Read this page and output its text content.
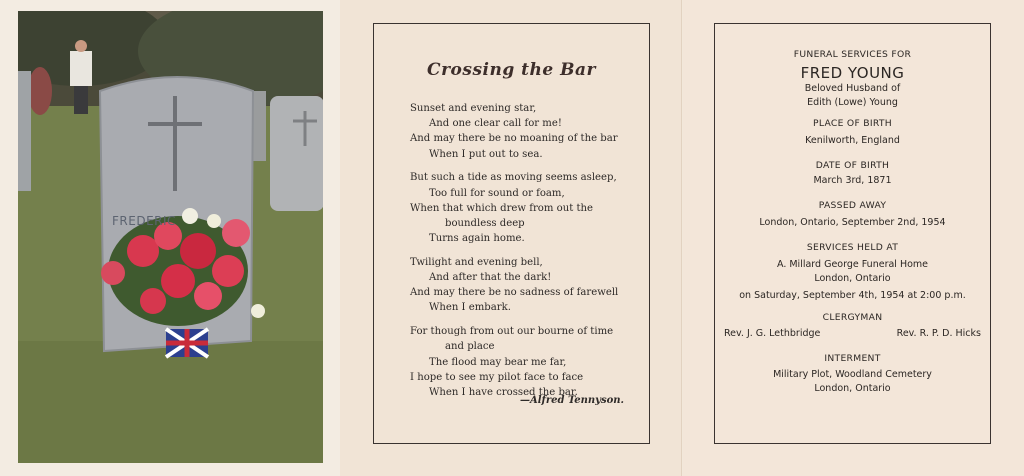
FREDERIC
Crossing the Bar
Sunset and evening star,
And one clear call for me!
And may there be no moaning of the bar
When I put out to sea.
But such a tide as moving seems asleep,
Too full for sound or foam,
When that which drew from out the
boundless deep
Turns again home.
Twilight and evening bell,
And after that the dark!
And may there be no sadness of farewell
When I embark.
For though from out our bourne of time
and place
The flood may bear me far,
I hope to see my pilot face to face
When I have crossed the bar.
—Alfred Tennyson.
FUNERAL SERVICES FOR
FRED YOUNG
Beloved Husband of
Edith (Lowe) Young
PLACE OF BIRTH
Kenilworth, England
DATE OF BIRTH
March 3rd, 1871
PASSED AWAY
London, Ontario, September 2nd, 1954
SERVICES HELD AT
A. Millard George Funeral Home
London, Ontario
on Saturday, September 4th, 1954 at 2:00 p.m.
CLERGYMAN
Rev. J. G. Lethbridge	Rev. R. P. D. Hicks
INTERMENT
Military Plot, Woodland Cemetery
London, Ontario
